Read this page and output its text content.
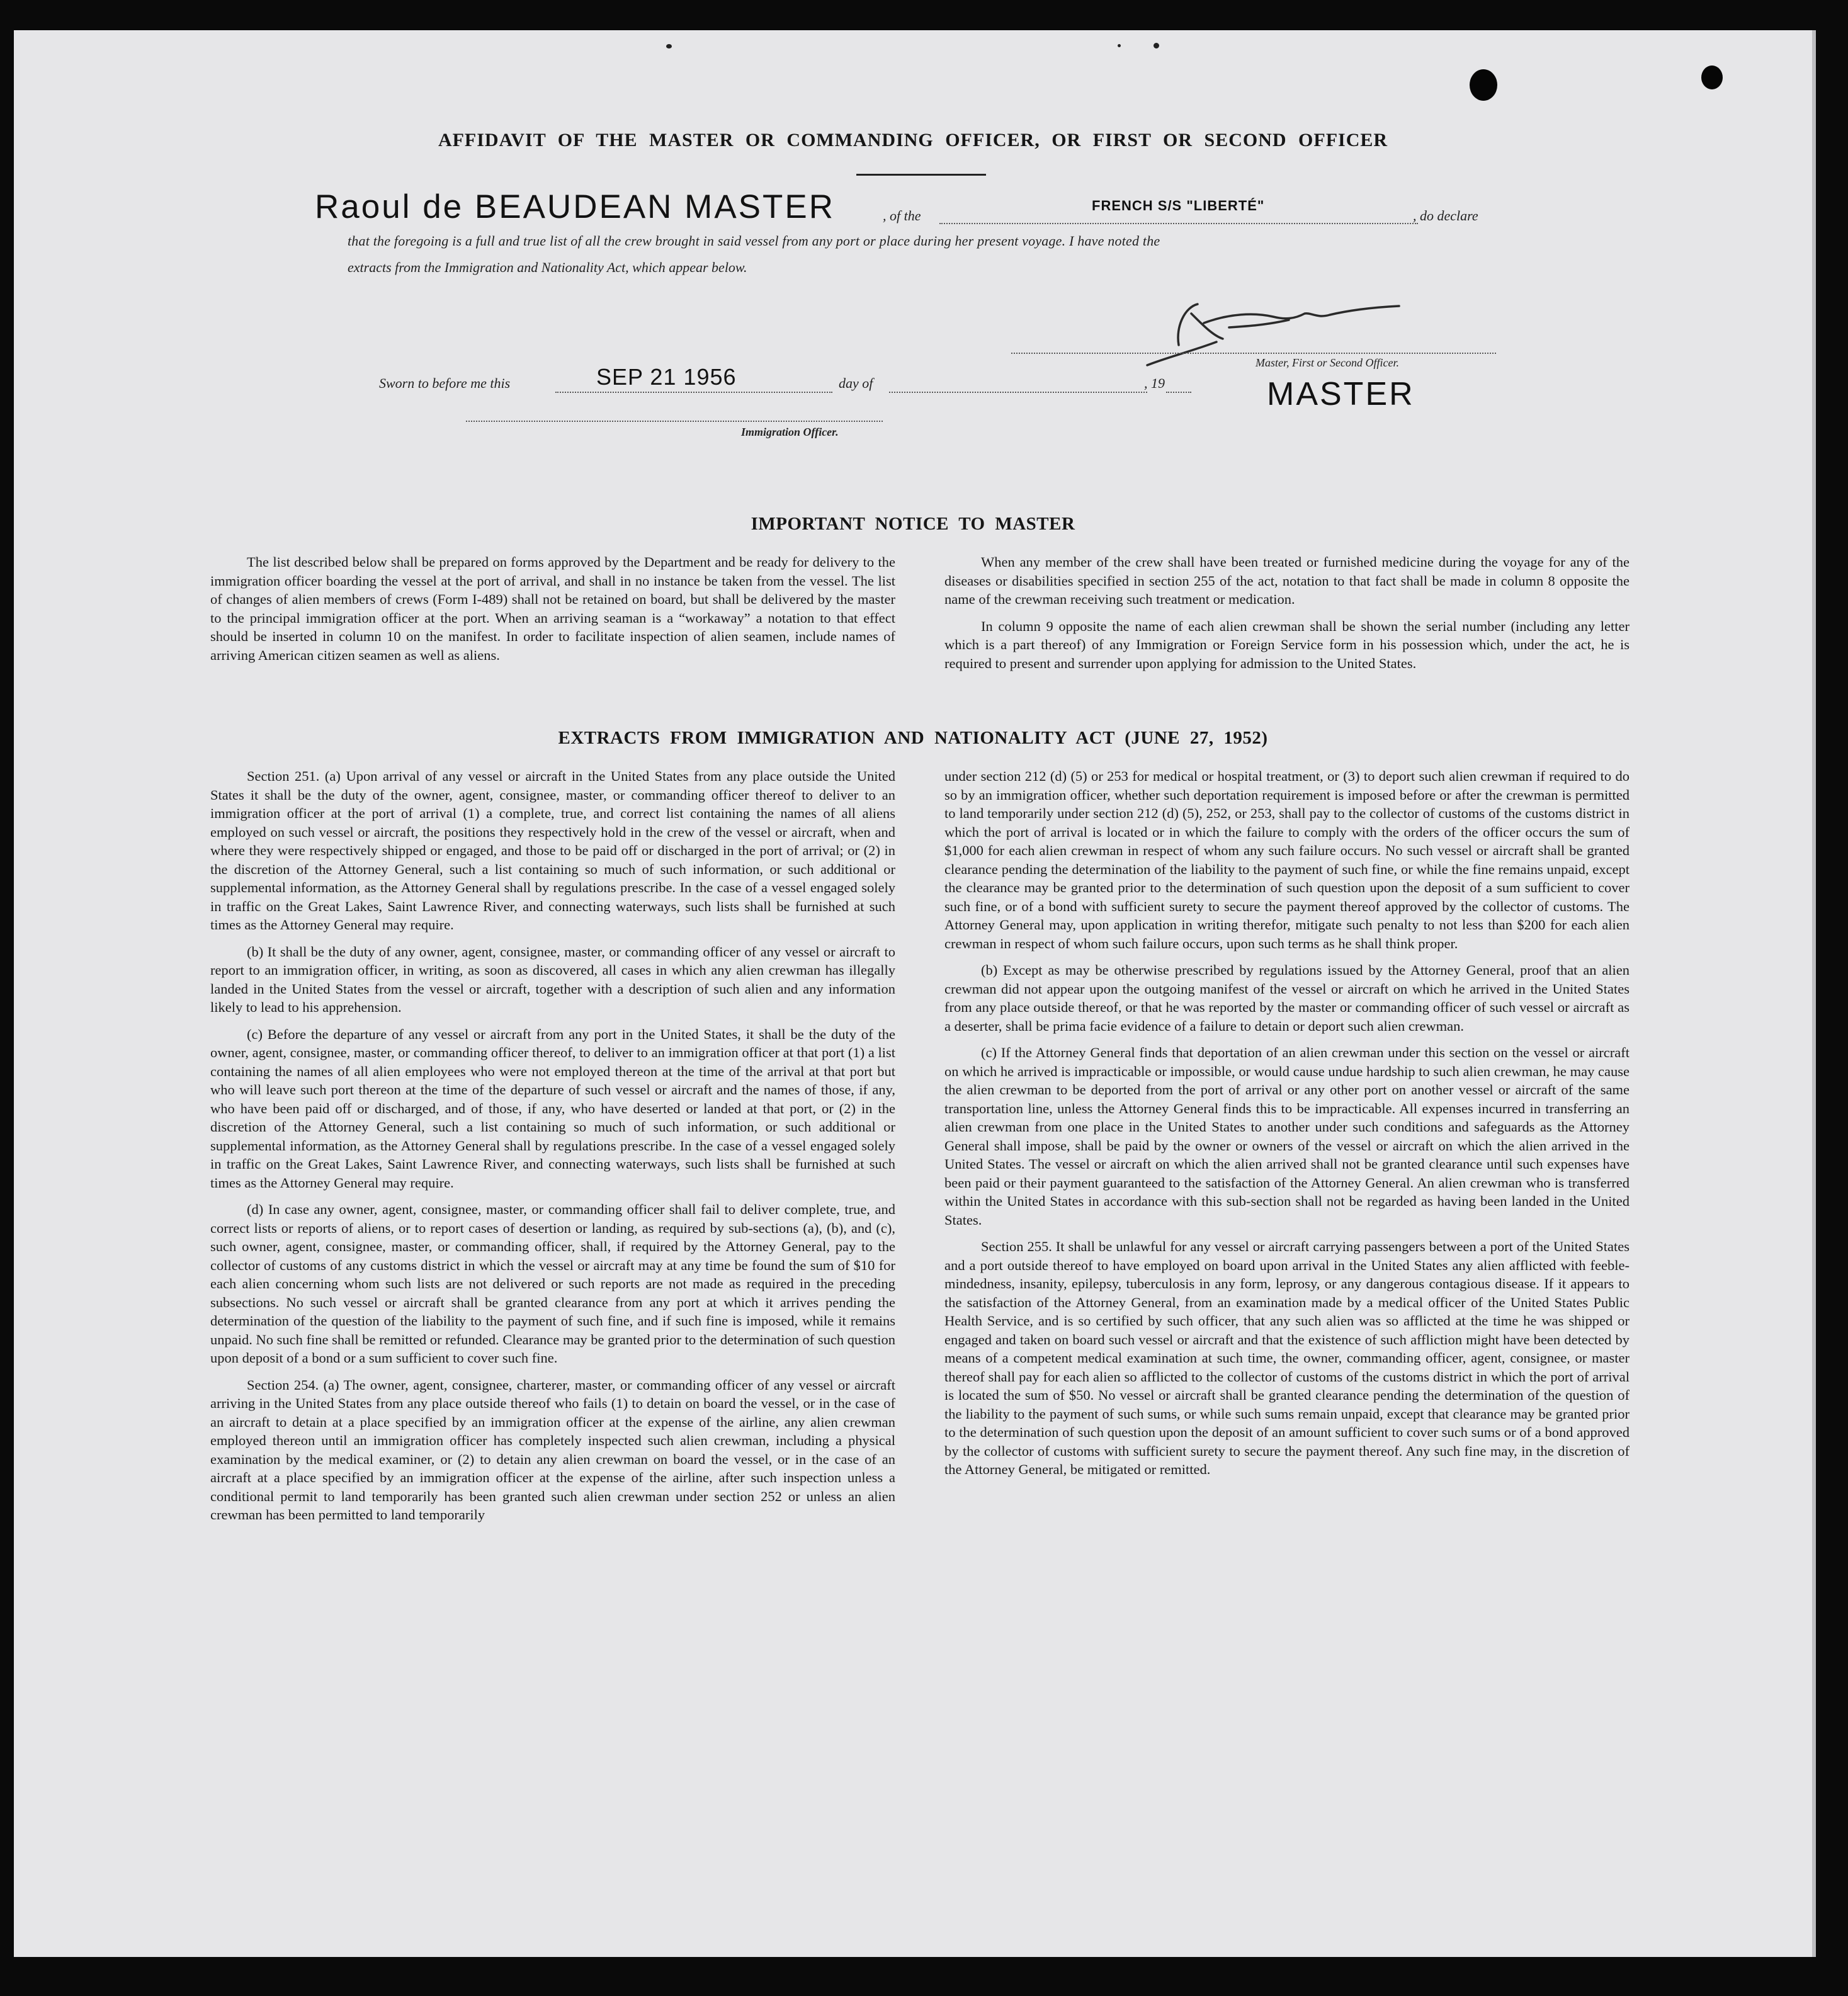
AFFIDAVIT OF THE MASTER OR COMMANDING OFFICER, OR FIRST OR SECOND OFFICER
Raoul de BEAUDEAN MASTER	, of the
FRENCH S/S "LIBERTÉ"
, do declare
that the foregoing is a full and true list of all the crew brought in said vessel from any port or place during her present voyage. I have noted the
extracts from the Immigration and Nationality Act, which appear below.
Master, First or Second Officer.
Sworn to before me this	SEP 21 1956	day of	, 19	MASTER
Immigration Officer.
IMPORTANT NOTICE TO MASTER

The list described below shall be prepared on forms approved by the Department and be ready for delivery to the immigration officer boarding the vessel at the port of arrival, and shall in no instance be taken from the vessel. The list of changes of alien members of crews (Form I-489) shall not be retained on board, but shall be delivered by the master to the principal immigration officer at the port. When an arriving seaman is a “workaway” a notation to that effect should be inserted in column 10 on the manifest. In order to facilitate inspection of alien seamen, include names of arriving American citizen seamen as well as aliens.

When any member of the crew shall have been treated or furnished medicine during the voyage for any of the diseases or disabilities specified in section 255 of the act, notation to that fact shall be made in column 8 opposite the name of the crewman receiving such treatment or medication.

In column 9 opposite the name of each alien crewman shall be shown the serial number (including any letter which is a part thereof) of any Immigration or Foreign Service form in his possession which, under the act, he is required to present and surrender upon applying for admission to the United States.

EXTRACTS FROM IMMIGRATION AND NATIONALITY ACT (JUNE 27, 1952)

Section 251. (a) Upon arrival of any vessel or aircraft in the United States from any place outside the United States it shall be the duty of the owner, agent, consignee, master, or commanding officer thereof to deliver to an immigration officer at the port of arrival (1) a complete, true, and correct list containing the names of all aliens employed on such vessel or aircraft, the positions they respectively hold in the crew of the vessel or aircraft, when and where they were respectively shipped or engaged, and those to be paid off or discharged in the port of arrival; or (2) in the discretion of the Attorney General, such a list containing so much of such information, or such additional or supplemental information, as the Attorney General shall by regulations prescribe. In the case of a vessel engaged solely in traffic on the Great Lakes, Saint Lawrence River, and connecting waterways, such lists shall be furnished at such times as the Attorney General may require.

(b) It shall be the duty of any owner, agent, consignee, master, or commanding officer of any vessel or aircraft to report to an immigration officer, in writing, as soon as discovered, all cases in which any alien crewman has illegally landed in the United States from the vessel or aircraft, together with a description of such alien and any information likely to lead to his apprehension.

(c) Before the departure of any vessel or aircraft from any port in the United States, it shall be the duty of the owner, agent, consignee, master, or commanding officer thereof, to deliver to an immigration officer at that port (1) a list containing the names of all alien employees who were not employed thereon at the time of the arrival at that port but who will leave such port thereon at the time of the departure of such vessel or aircraft and the names of those, if any, who have been paid off or discharged, and of those, if any, who have deserted or landed at that port, or (2) in the discretion of the Attorney General, such a list containing so much of such information, or such additional or supplemental information, as the Attorney General shall by regulations prescribe. In the case of a vessel engaged solely in traffic on the Great Lakes, Saint Lawrence River, and connecting waterways, such lists shall be furnished at such times as the Attorney General may require.

(d) In case any owner, agent, consignee, master, or commanding officer shall fail to deliver complete, true, and correct lists or reports of aliens, or to report cases of desertion or landing, as required by sub-sections (a), (b), and (c), such owner, agent, consignee, master, or commanding officer, shall, if required by the Attorney General, pay to the collector of customs of any customs district in which the vessel or aircraft may at any time be found the sum of $10 for each alien concerning whom such lists are not delivered or such reports are not made as required in the preceding subsections. No such vessel or aircraft shall be granted clearance from any port at which it arrives pending the determination of the question of the liability to the payment of such fine, and if such fine is imposed, while it remains unpaid. No such fine shall be remitted or refunded. Clearance may be granted prior to the determination of such question upon deposit of a bond or a sum sufficient to cover such fine.

Section 254. (a) The owner, agent, consignee, charterer, master, or commanding officer of any vessel or aircraft arriving in the United States from any place outside thereof who fails (1) to detain on board the vessel, or in the case of an aircraft to detain at a place specified by an immigration officer at the expense of the airline, any alien crewman employed thereon until an immigration officer has completely inspected such alien crewman, including a physical examination by the medical examiner, or (2) to detain any alien crewman on board the vessel, or in the case of an aircraft at a place specified by an immigration officer at the expense of the airline, after such inspection unless a conditional permit to land temporarily has been granted such alien crewman under section 252 or unless an alien crewman has been permitted to land temporarily

under section 212 (d) (5) or 253 for medical or hospital treatment, or (3) to deport such alien crewman if required to do so by an immigration officer, whether such deportation requirement is imposed before or after the crewman is permitted to land temporarily under section 212 (d) (5), 252, or 253, shall pay to the collector of customs of the customs district in which the port of arrival is located or in which the failure to comply with the orders of the officer occurs the sum of $1,000 for each alien crewman in respect of whom any such failure occurs. No such vessel or aircraft shall be granted clearance pending the determination of the liability to the payment of such fine, or while the fine remains unpaid, except the clearance may be granted prior to the determination of such question upon the deposit of a sum sufficient to cover such fine, or of a bond with sufficient surety to secure the payment thereof approved by the collector of customs. The Attorney General may, upon application in writing therefor, mitigate such penalty to not less than $200 for each alien crewman in respect of whom such failure occurs, upon such terms as he shall think proper.

(b) Except as may be otherwise prescribed by regulations issued by the Attorney General, proof that an alien crewman did not appear upon the outgoing manifest of the vessel or aircraft on which he arrived in the United States from any place outside thereof, or that he was reported by the master or commanding officer of such vessel or aircraft as a deserter, shall be prima facie evidence of a failure to detain or deport such alien crewman.

(c) If the Attorney General finds that deportation of an alien crewman under this section on the vessel or aircraft on which he arrived is impracticable or impossible, or would cause undue hardship to such alien crewman, he may cause the alien crewman to be deported from the port of arrival or any other port on another vessel or aircraft of the same transportation line, unless the Attorney General finds this to be impracticable. All expenses incurred in transferring an alien crewman from one place in the United States to another under such conditions and safeguards as the Attorney General shall impose, shall be paid by the owner or owners of the vessel or aircraft on which the alien arrived in the United States. The vessel or aircraft on which the alien arrived shall not be granted clearance until such expenses have been paid or their payment guaranteed to the satisfaction of the Attorney General. An alien crewman who is transferred within the United States in accordance with this sub-section shall not be regarded as having been landed in the United States.

Section 255. It shall be unlawful for any vessel or aircraft carrying passengers between a port of the United States and a port outside thereof to have employed on board upon arrival in the United States any alien afflicted with feeble-mindedness, insanity, epilepsy, tuberculosis in any form, leprosy, or any dangerous contagious disease. If it appears to the satisfaction of the Attorney General, from an examination made by a medical officer of the United States Public Health Service, and is so certified by such officer, that any such alien was so afflicted at the time he was shipped or engaged and taken on board such vessel or aircraft and that the existence of such affliction might have been detected by means of a competent medical examination at such time, the owner, commanding officer, agent, consignee, or master thereof shall pay for each alien so afflicted to the collector of customs of the customs district in which the port of arrival is located the sum of $50. No vessel or aircraft shall be granted clearance pending the determination of the question of the liability to the payment of such sums, or while such sums remain unpaid, except that clearance may be granted prior to the determination of such question upon the deposit of an amount sufficient to cover such sums or of a bond approved by the collector of customs with sufficient surety to secure the payment thereof. Any such fine may, in the discretion of the Attorney General, be mitigated or remitted.
